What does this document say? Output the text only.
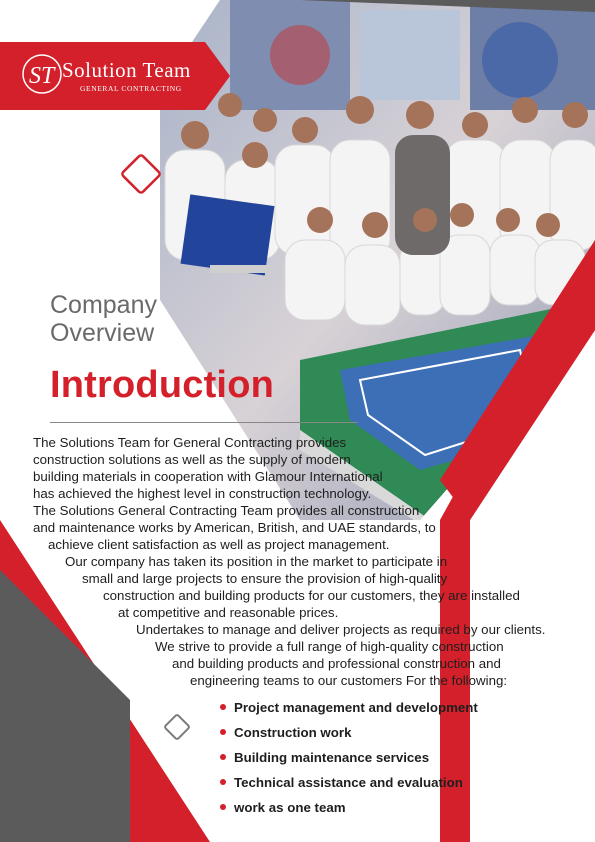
ST Solution Team
GENERAL CONTRACTING
Company
Overview
Introduction
The Solutions Team for General Contracting provides
construction solutions as well as the supply of modern
building materials in cooperation with Glamour International
has achieved the highest level in construction technology.
The Solutions General Contracting Team provides all construction
and maintenance works by American, British, and UAE standards, to
achieve client satisfaction as well as project management.
Our company has taken its position in the market to participate in
small and large projects to ensure the provision of high-quality
construction and building products for our customers, they are installed
at competitive and reasonable prices.
Undertakes to manage and deliver projects as required by our clients.
We strive to provide a full range of high-quality construction
and building products and professional construction and
engineering teams to our customers For the following:
Project management and development
Construction work
Building maintenance services
Technical assistance and evaluation
work as one team
